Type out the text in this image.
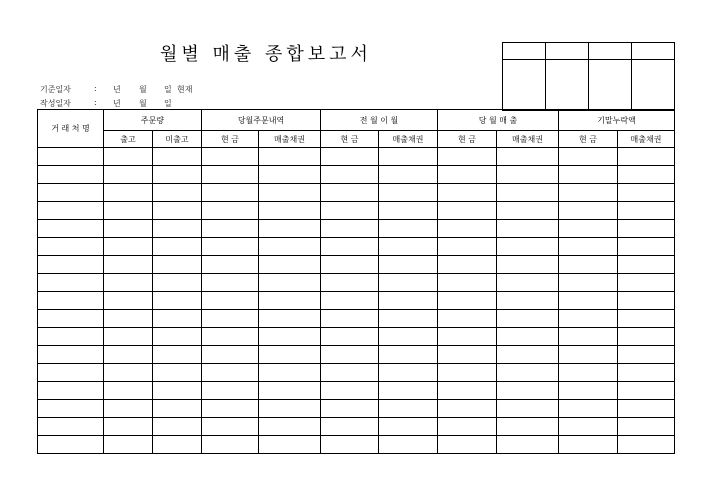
월별 매출 종합보고서

기준일자	: 년 월 일 현재
작성일자	: 년 월 일
거 래 처 명	주문량		당월주문내역		전 월 이 월		당 월 매 출		기말누락액	
	출고	미출고	현 금	매출채권	현 금	매출채권	현 금	매출채권	현 금	매출채권
